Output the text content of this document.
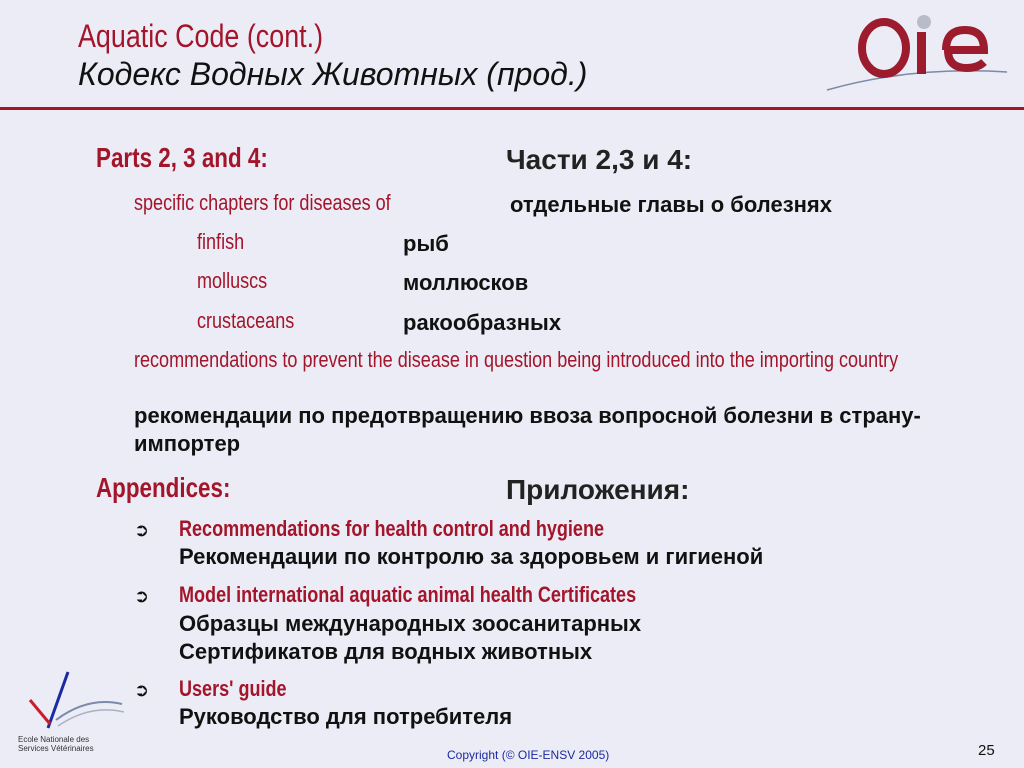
Aquatic Code (cont.)
Кодекс Водных Животных (прод.)
Parts 2, 3 and 4:	Части 2,3 и 4:
specific chapters for diseases of	отдельные главы о болезнях
finfish	рыб
molluscs	моллюсков
crustaceans	ракообразных
recommendations to prevent the disease in question being introduced into the importing country
рекомендации по предотвращению ввоза вопросной болезни в страну-импортер
Appendices:	Приложения:
➲ Recommendations for health control and hygiene
Рекомендации по контролю за здоровьем и гигиеной
➲ Model international aquatic animal health Certificates
Образцы международных зоосанитарных Сертификатов для водных животных
➲ Users' guide
Руководство для потребителя
Ecole Nationale des Services Vétérinaires	Copyright (© OIE-ENSV 2005)	25
